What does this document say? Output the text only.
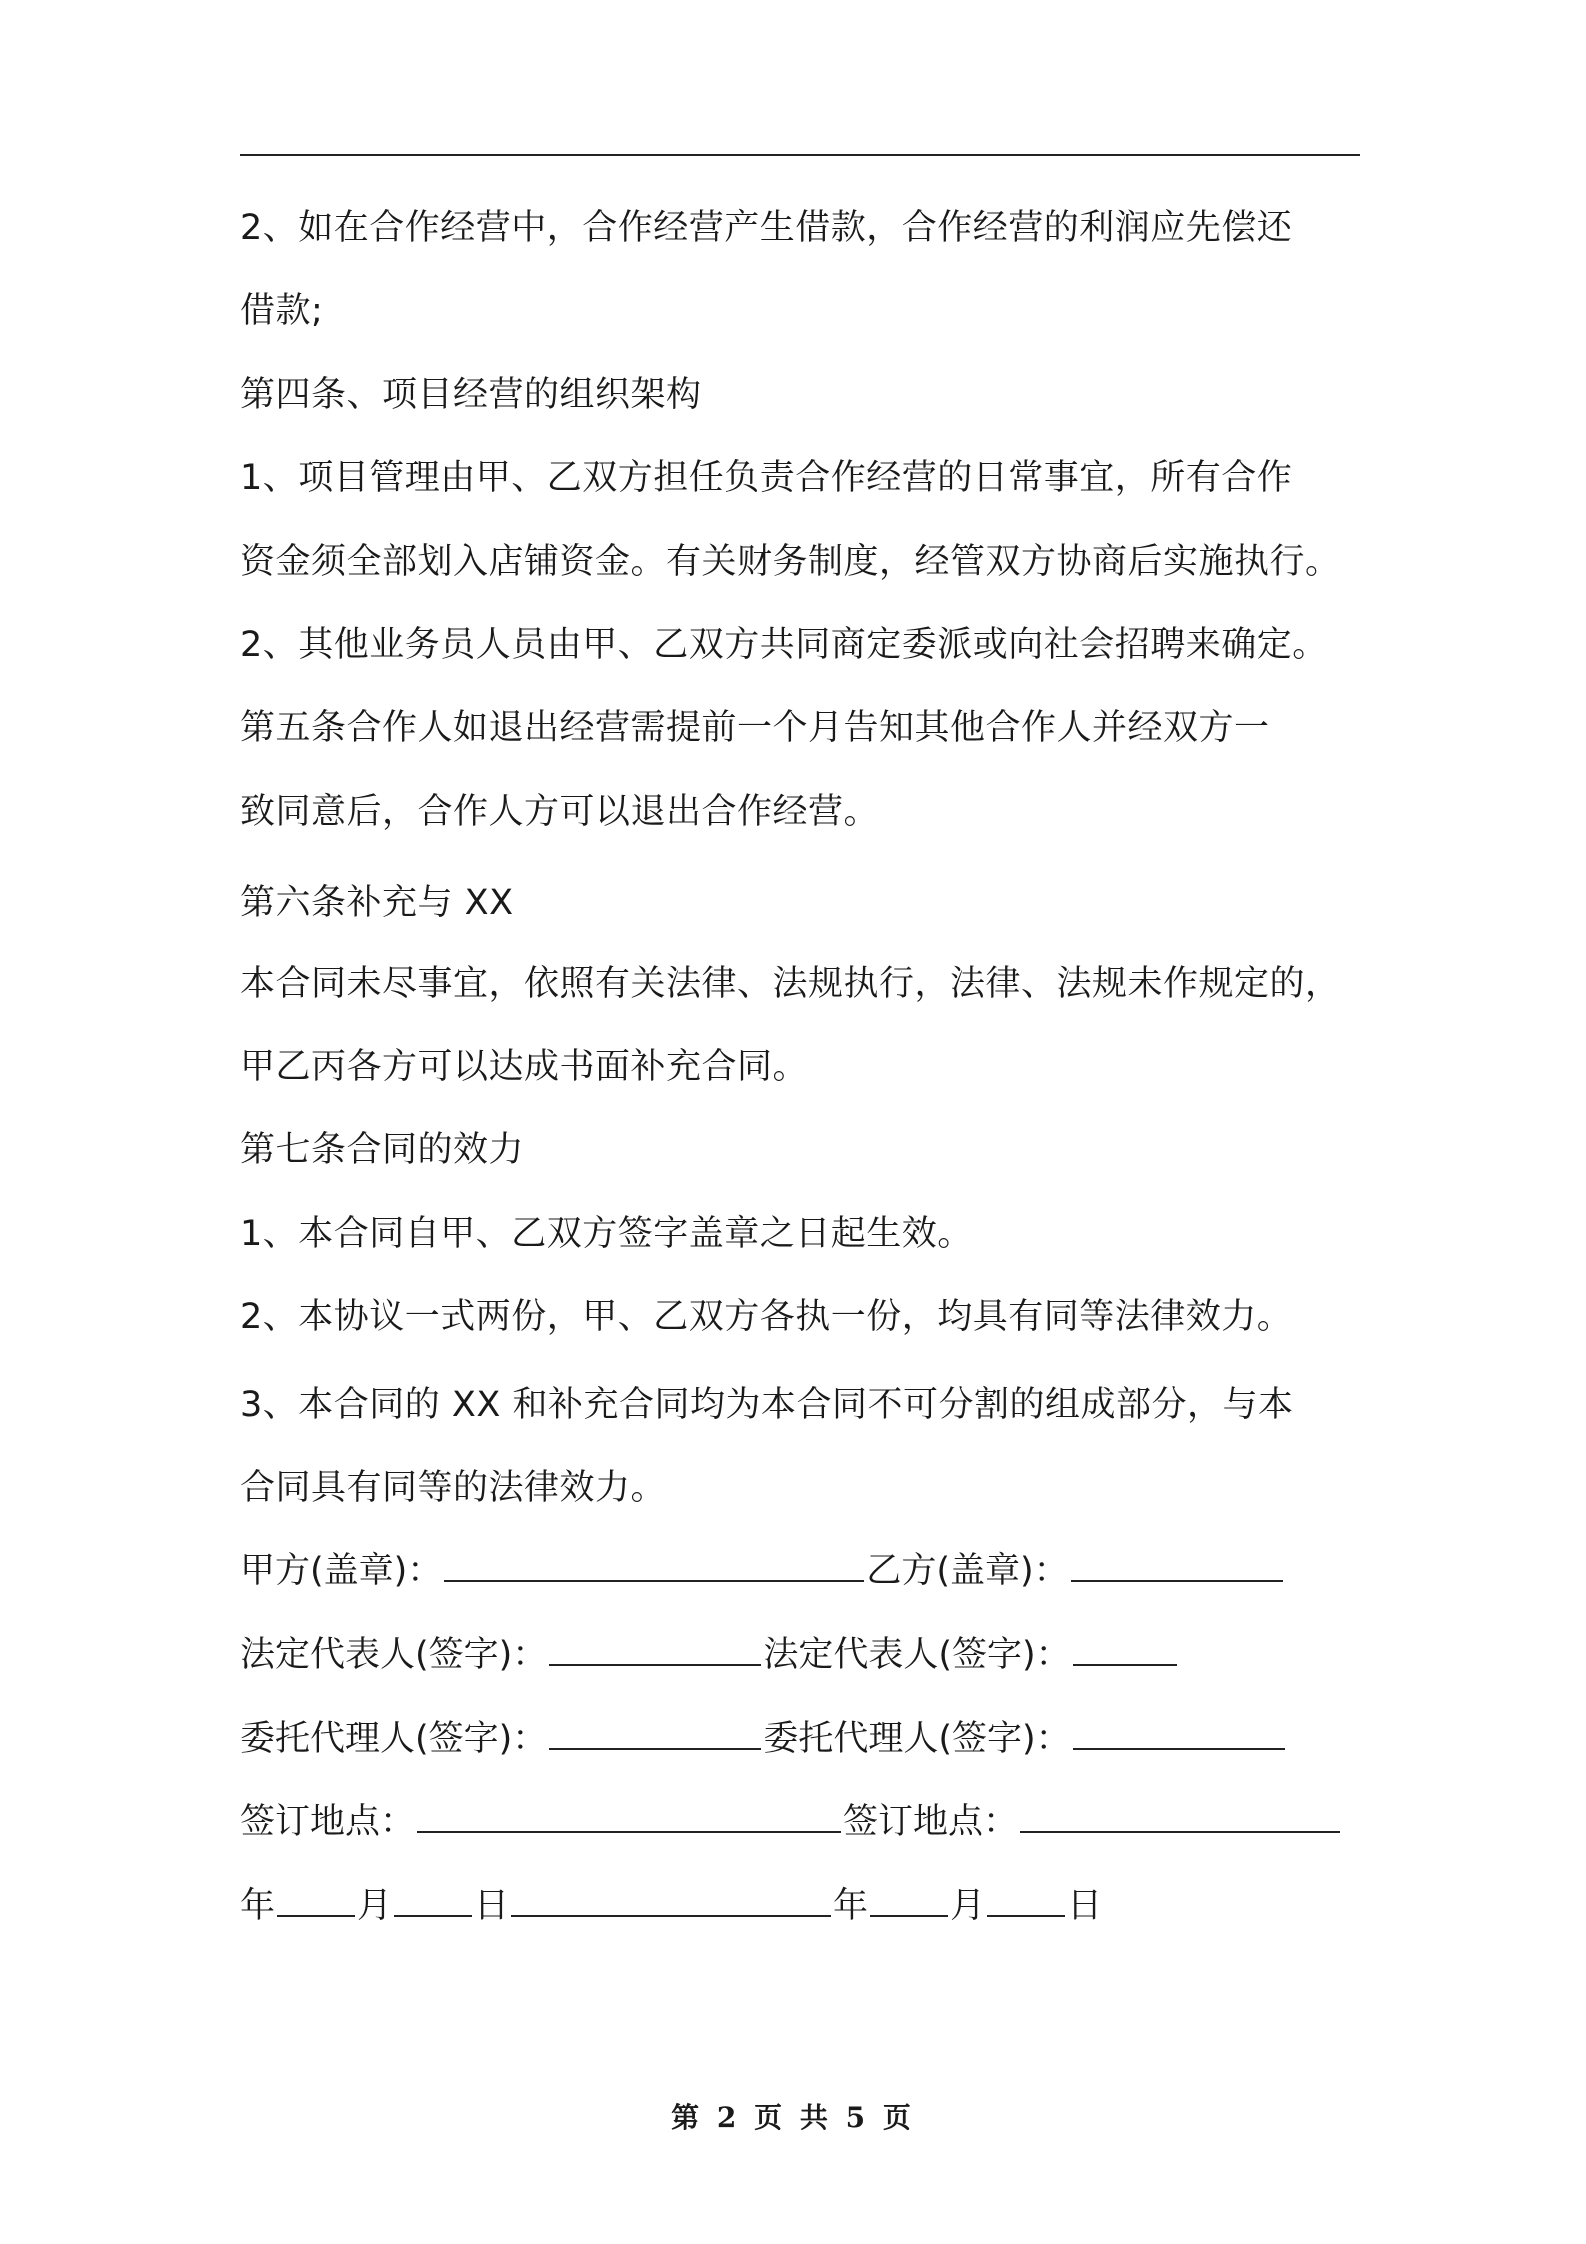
2、如在合作经营中，合作经营产生借款，合作经营的利润应先偿还
借款;
第四条、项目经营的组织架构
1、项目管理由甲、乙双方担任负责合作经营的日常事宜，所有合作
资金须全部划入店铺资金。有关财务制度，经管双方协商后实施执行。
2、其他业务员人员由甲、乙双方共同商定委派或向社会招聘来确定。
第五条合作人如退出经营需提前一个月告知其他合作人并经双方一
致同意后，合作人方可以退出合作经营。
第六条补充与 XX
本合同未尽事宜，依照有关法律、法规执行，法律、法规未作规定的，
甲乙丙各方可以达成书面补充合同。
第七条合同的效力
1、本合同自甲、乙双方签字盖章之日起生效。
2、本协议一式两份，甲、乙双方各执一份，均具有同等法律效力。
3、本合同的 XX 和补充合同均为本合同不可分割的组成部分，与本
合同具有同等的法律效力。
甲方(盖章)：	乙方(盖章)：
法定代表人(签字)：	法定代表人(签字)：
委托代理人(签字)：	委托代理人(签字)：
签订地点：	签订地点：
年 月 日	年 月 日
第 2 页 共 5 页
